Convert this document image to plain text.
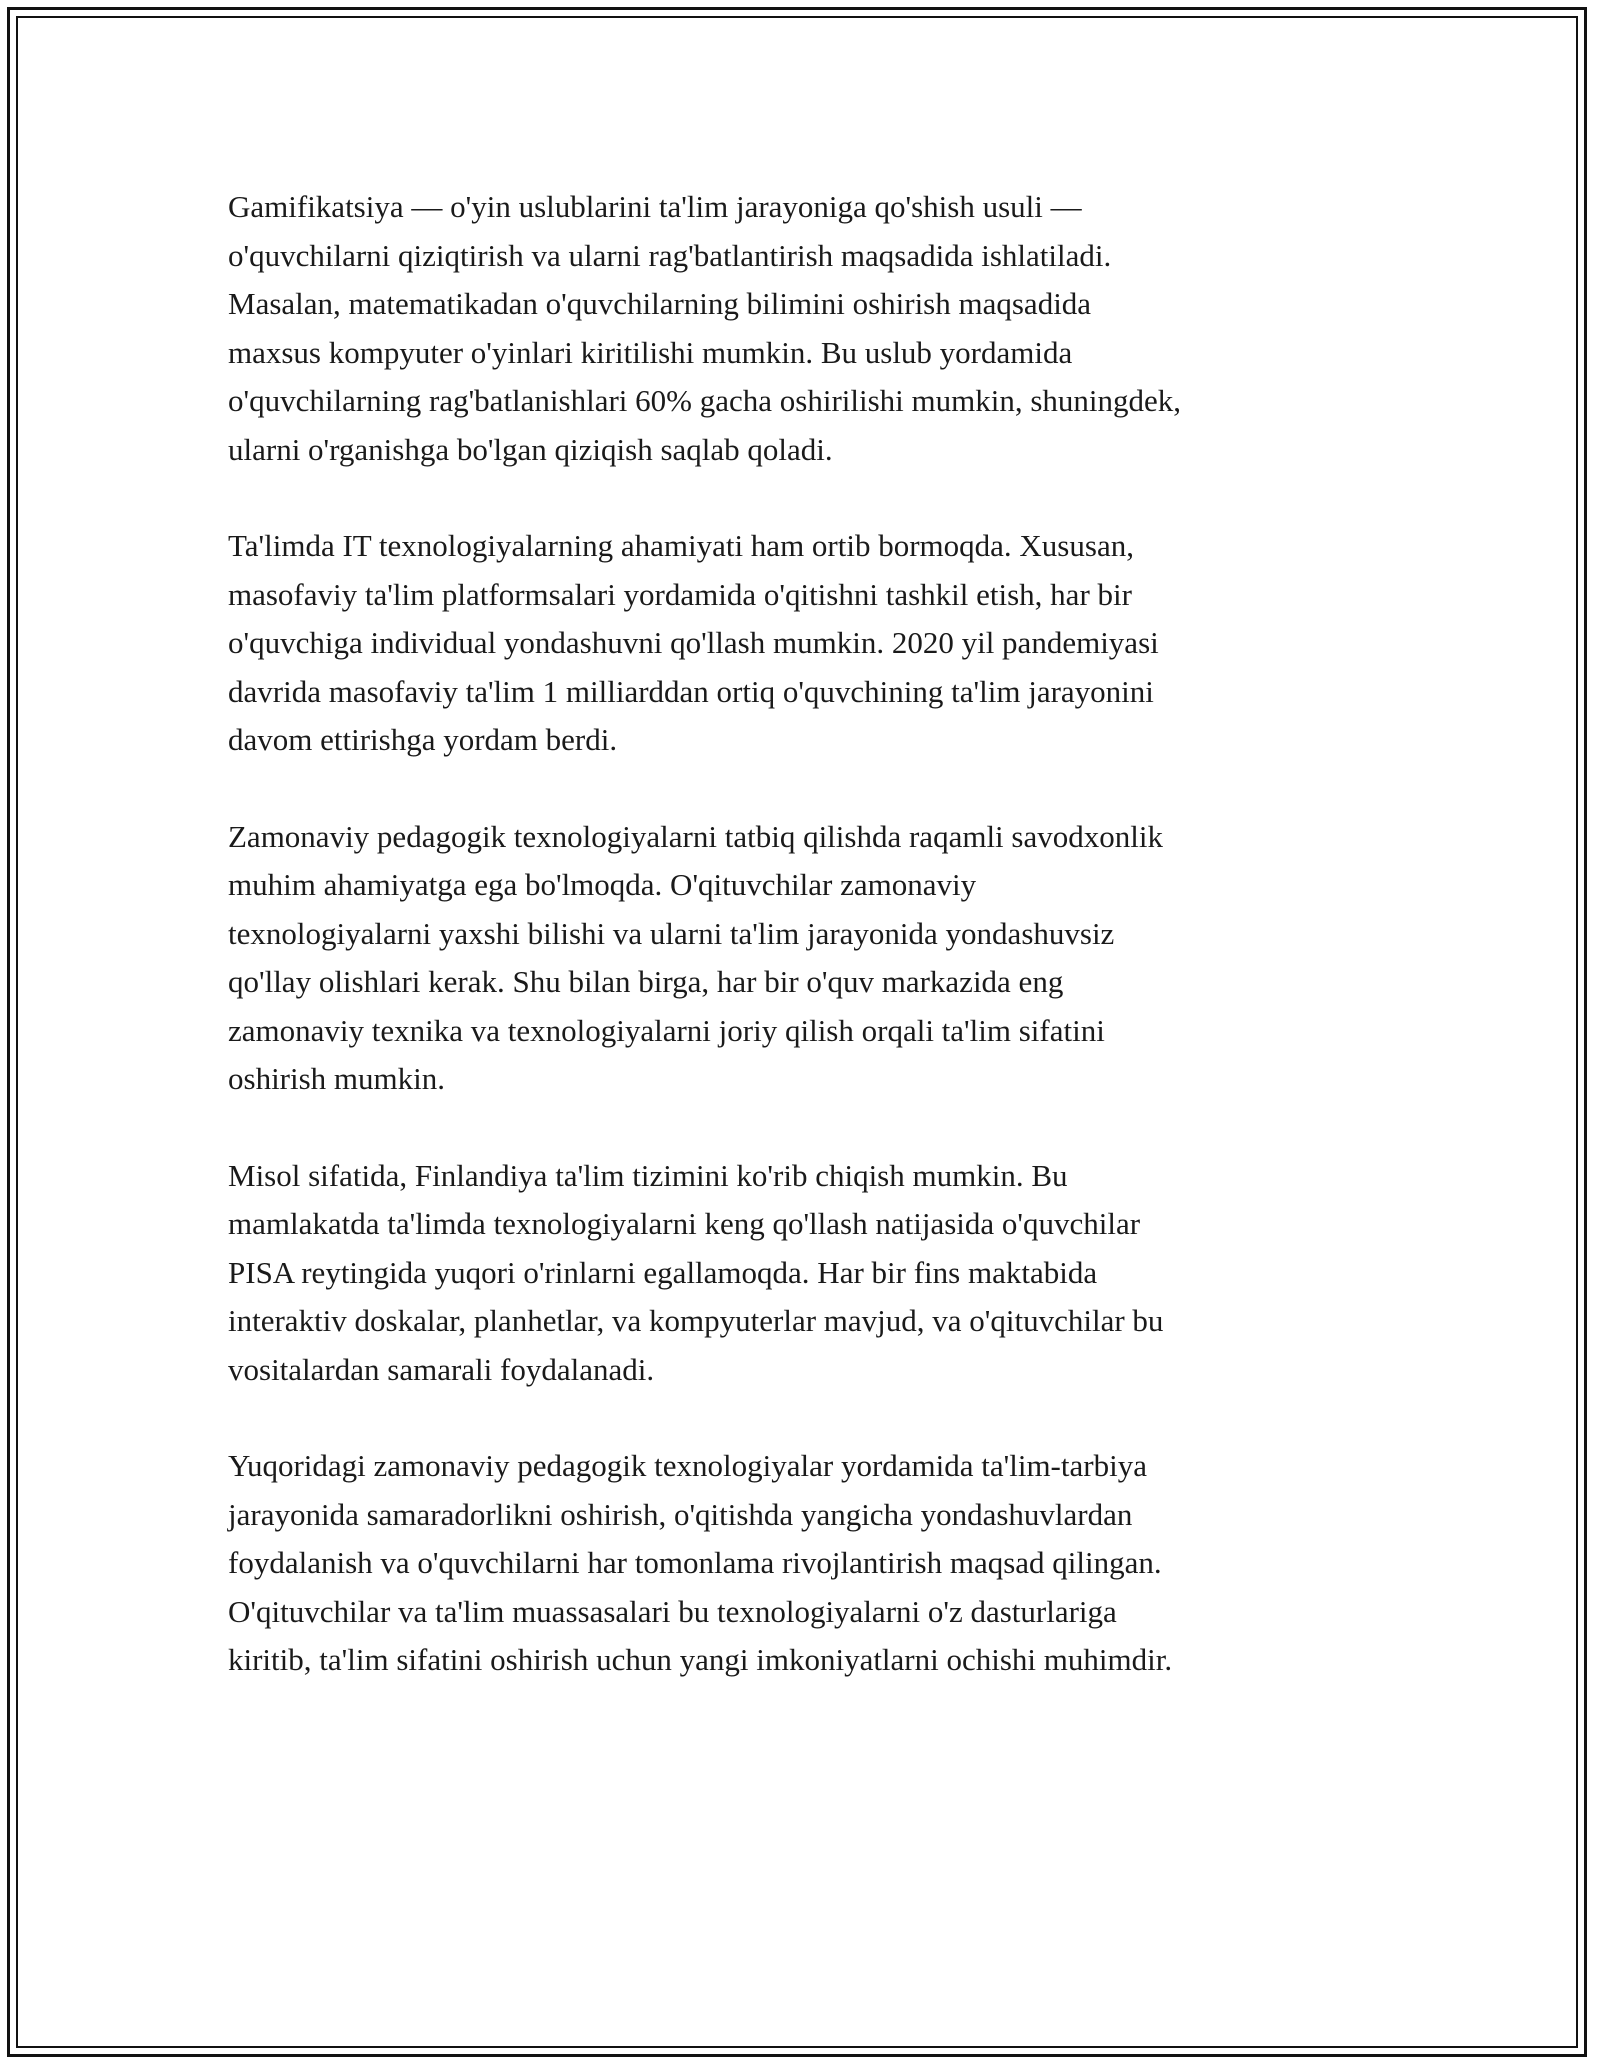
Gamifikatsiya — o'yin uslublarini ta'lim jarayoniga qo'shish usuli —
o'quvchilarni qiziqtirish va ularni rag'batlantirish maqsadida ishlatiladi.
Masalan, matematikadan o'quvchilarning bilimini oshirish maqsadida
maxsus kompyuter o'yinlari kiritilishi mumkin. Bu uslub yordamida
o'quvchilarning rag'batlanishlari 60% gacha oshirilishi mumkin, shuningdek,
ularni o'rganishga bo'lgan qiziqish saqlab qoladi.

Ta'limda IT texnologiyalarning ahamiyati ham ortib bormoqda. Xususan,
masofaviy ta'lim platformsalari yordamida o'qitishni tashkil etish, har bir
o'quvchiga individual yondashuvni qo'llash mumkin. 2020 yil pandemiyasi
davrida masofaviy ta'lim 1 milliarddan ortiq o'quvchining ta'lim jarayonini
davom ettirishga yordam berdi.

Zamonaviy pedagogik texnologiyalarni tatbiq qilishda raqamli savodxonlik
muhim ahamiyatga ega bo'lmoqda. O'qituvchilar zamonaviy
texnologiyalarni yaxshi bilishi va ularni ta'lim jarayonida yondashuvsiz
qo'llay olishlari kerak. Shu bilan birga, har bir o'quv markazida eng
zamonaviy texnika va texnologiyalarni joriy qilish orqali ta'lim sifatini
oshirish mumkin.

Misol sifatida, Finlandiya ta'lim tizimini ko'rib chiqish mumkin. Bu
mamlakatda ta'limda texnologiyalarni keng qo'llash natijasida o'quvchilar
PISA reytingida yuqori o'rinlarni egallamoqda. Har bir fins maktabida
interaktiv doskalar, planhetlar, va kompyuterlar mavjud, va o'qituvchilar bu
vositalardan samarali foydalanadi.

Yuqoridagi zamonaviy pedagogik texnologiyalar yordamida ta'lim-tarbiya
jarayonida samaradorlikni oshirish, o'qitishda yangicha yondashuvlardan
foydalanish va o'quvchilarni har tomonlama rivojlantirish maqsad qilingan.
O'qituvchilar va ta'lim muassasalari bu texnologiyalarni o'z dasturlariga
kiritib, ta'lim sifatini oshirish uchun yangi imkoniyatlarni ochishi muhimdir.
